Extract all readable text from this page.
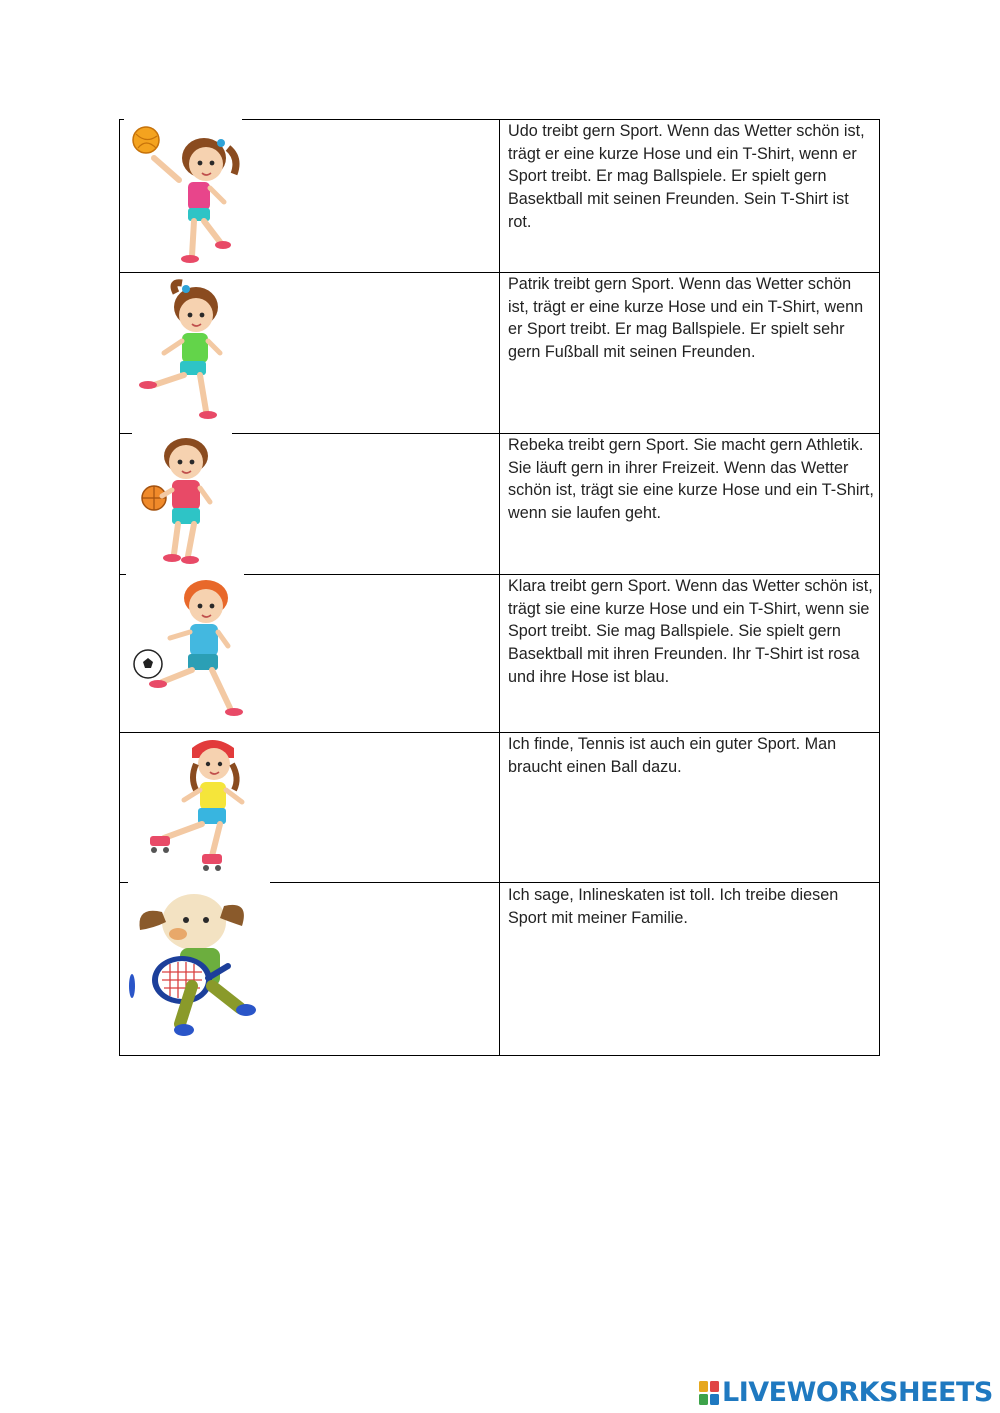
Udo treibt gern Sport. Wenn das Wetter schön ist, trägt er eine kurze Hose und ein T-Shirt, wenn er Sport treibt. Er mag Ballspiele. Er spielt gern Basektball mit seinen Freunden. Sein T-Shirt ist rot.
Patrik treibt gern Sport. Wenn das Wetter schön ist, trägt er eine kurze Hose und ein T-Shirt, wenn er Sport treibt. Er mag Ballspiele. Er spielt sehr gern Fußball mit seinen Freunden.
Rebeka treibt gern Sport. Sie macht gern Athletik. Sie läuft gern in ihrer Freizeit. Wenn das Wetter schön ist, trägt sie eine kurze Hose und ein T-Shirt, wenn sie laufen geht.
Klara treibt gern Sport. Wenn das Wetter schön ist, trägt sie eine kurze Hose und ein T-Shirt, wenn sie Sport treibt. Sie mag Ballspiele. Sie spielt gern Basektball mit ihren Freunden. Ihr T-Shirt ist rosa und ihre Hose ist blau.
Ich finde, Tennis ist auch ein guter Sport. Man braucht einen Ball dazu.
Ich sage, Inlineskaten ist toll. Ich treibe diesen Sport mit meiner Familie.
LIVEWORKSHEETS
